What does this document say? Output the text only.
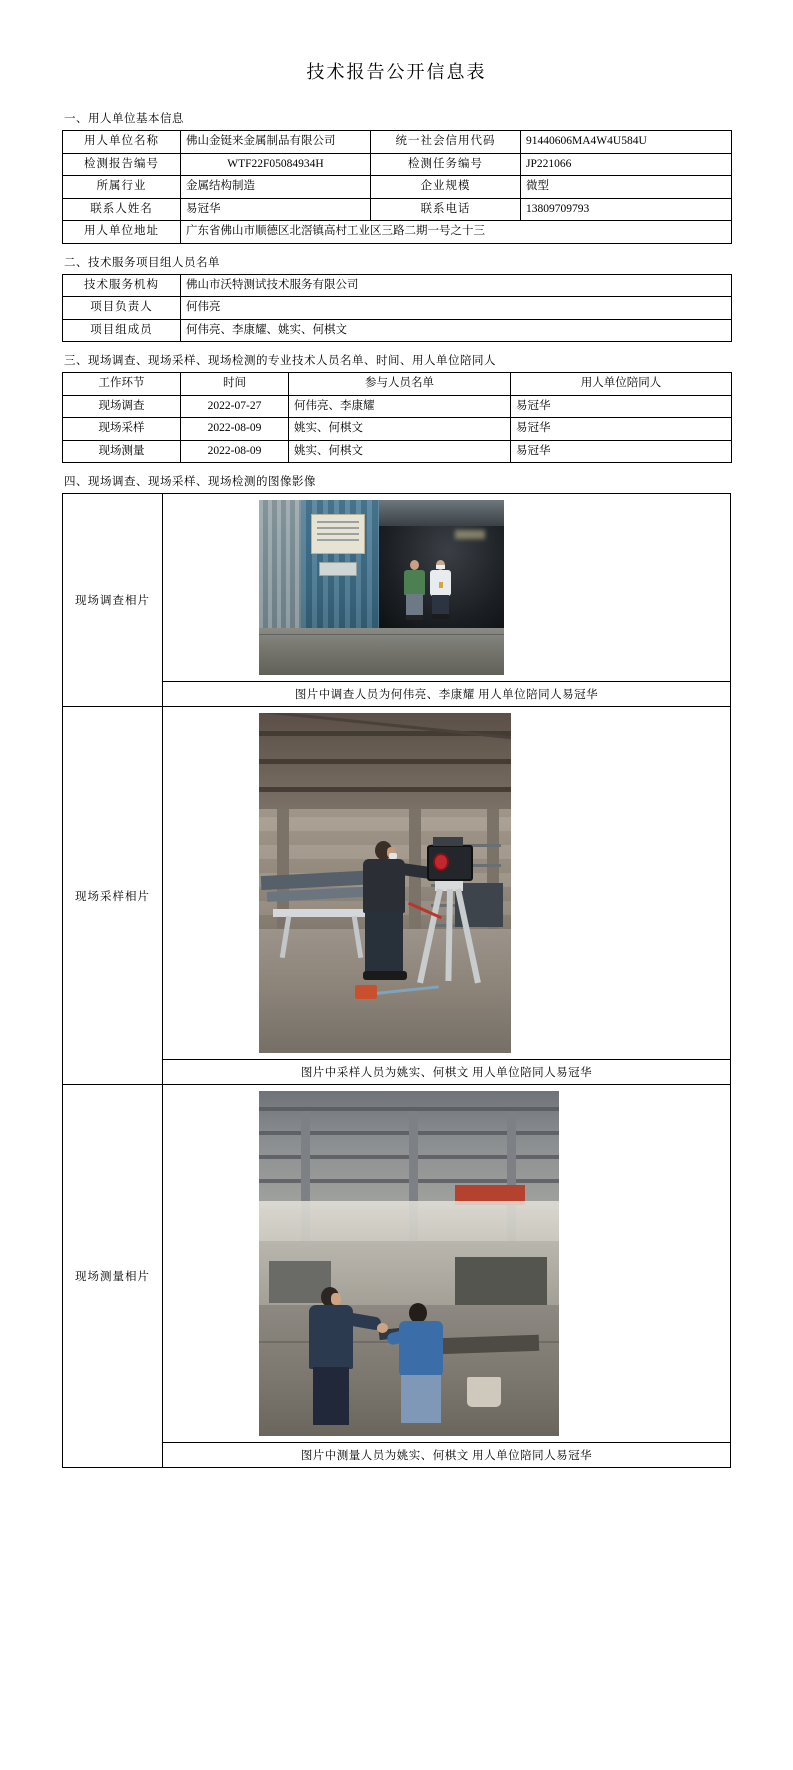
技术报告公开信息表
一、用人单位基本信息
用人单位名称	佛山金铤来金属制品有限公司	统一社会信用代码	91440606MA4W4U584U
检测报告编号	WTF22F05084934H	检测任务编号	JP221066
所属行业	金属结构制造	企业规模	微型
联系人姓名	易冠华	联系电话	13809709793
用人单位地址	广东省佛山市顺德区北滘镇高村工业区三路二期一号之十三		
二、技术服务项目组人员名单
技术服务机构	佛山市沃特测试技术服务有限公司
项目负责人	何伟亮
项目组成员	何伟亮、李康耀、姚实、何棋文
三、现场调查、现场采样、现场检测的专业技术人员名单、时间、用人单位陪同人
工作环节	时间	参与人员名单	用人单位陪同人
现场调查	2022-07-27	何伟亮、李康耀	易冠华
现场采样	2022-08-09	姚实、何棋文	易冠华
现场测量	2022-08-09	姚实、何棋文	易冠华
四、现场调查、现场采样、现场检测的图像影像
现场调查相片	图片中调查人员为何伟亮、李康耀 用人单位陪同人易冠华

现场采样相片	图片中采样人员为姚实、何棋文 用人单位陪同人易冠华

现场测量相片	图片中测量人员为姚实、何棋文 用人单位陪同人易冠华
